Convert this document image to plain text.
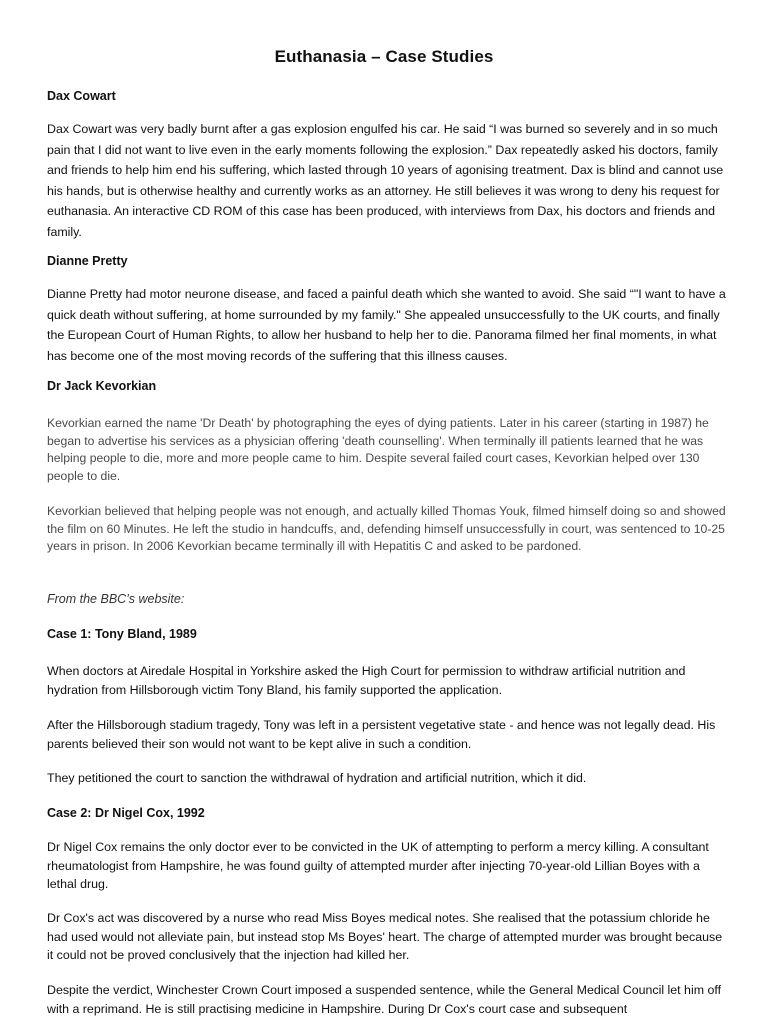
Euthanasia – Case Studies
Dax Cowart

Dax Cowart was very badly burnt after a gas explosion engulfed his car. He said “I was burned so severely and in so much pain that I did not want to live even in the early moments following the explosion.” Dax repeatedly asked his doctors, family and friends to help him end his suffering, which lasted through 10 years of agonising treatment. Dax is blind and cannot use his hands, but is otherwise healthy and currently works as an attorney. He still believes it was wrong to deny his request for euthanasia. An interactive CD ROM of this case has been produced, with interviews from Dax, his doctors and friends and family.

Dianne Pretty

Dianne Pretty had motor neurone disease, and faced a painful death which she wanted to avoid. She said “"I want to have a quick death without suffering, at home surrounded by my family." She appealed unsuccessfully to the UK courts, and finally the European Court of Human Rights, to allow her husband to help her to die. Panorama filmed her final moments, in what has become one of the most moving records of the suffering that this illness causes.

Dr Jack Kevorkian

Kevorkian earned the name 'Dr Death' by photographing the eyes of dying patients. Later in his career (starting in 1987) he began to advertise his services as a physician offering 'death counselling'. When terminally ill patients learned that he was helping people to die, more and more people came to him. Despite several failed court cases, Kevorkian helped over 130 people to die.

Kevorkian believed that helping people was not enough, and actually killed Thomas Youk, filmed himself doing so and showed the film on 60 Minutes. He left the studio in handcuffs, and, defending himself unsuccessfully in court, was sentenced to 10-25 years in prison. In 2006 Kevorkian became terminally ill with Hepatitis C and asked to be pardoned.

From the BBC’s website:
Case 1: Tony Bland, 1989

When doctors at Airedale Hospital in Yorkshire asked the High Court for permission to withdraw artificial nutrition and hydration from Hillsborough victim Tony Bland, his family supported the application.

After the Hillsborough stadium tragedy, Tony was left in a persistent vegetative state - and hence was not legally dead. His parents believed their son would not want to be kept alive in such a condition.

They petitioned the court to sanction the withdrawal of hydration and artificial nutrition, which it did.

Case 2: Dr Nigel Cox, 1992

Dr Nigel Cox remains the only doctor ever to be convicted in the UK of attempting to perform a mercy killing. A consultant rheumatologist from Hampshire, he was found guilty of attempted murder after injecting 70-year-old Lillian Boyes with a lethal drug.

Dr Cox's act was discovered by a nurse who read Miss Boyes medical notes. She realised that the potassium chloride he had used would not alleviate pain, but instead stop Ms Boyes' heart. The charge of attempted murder was brought because it could not be proved conclusively that the injection had killed her.

Despite the verdict, Winchester Crown Court imposed a suspended sentence, while the General Medical Council let him off with a reprimand. He is still practising medicine in Hampshire. During Dr Cox's court case and subsequent
